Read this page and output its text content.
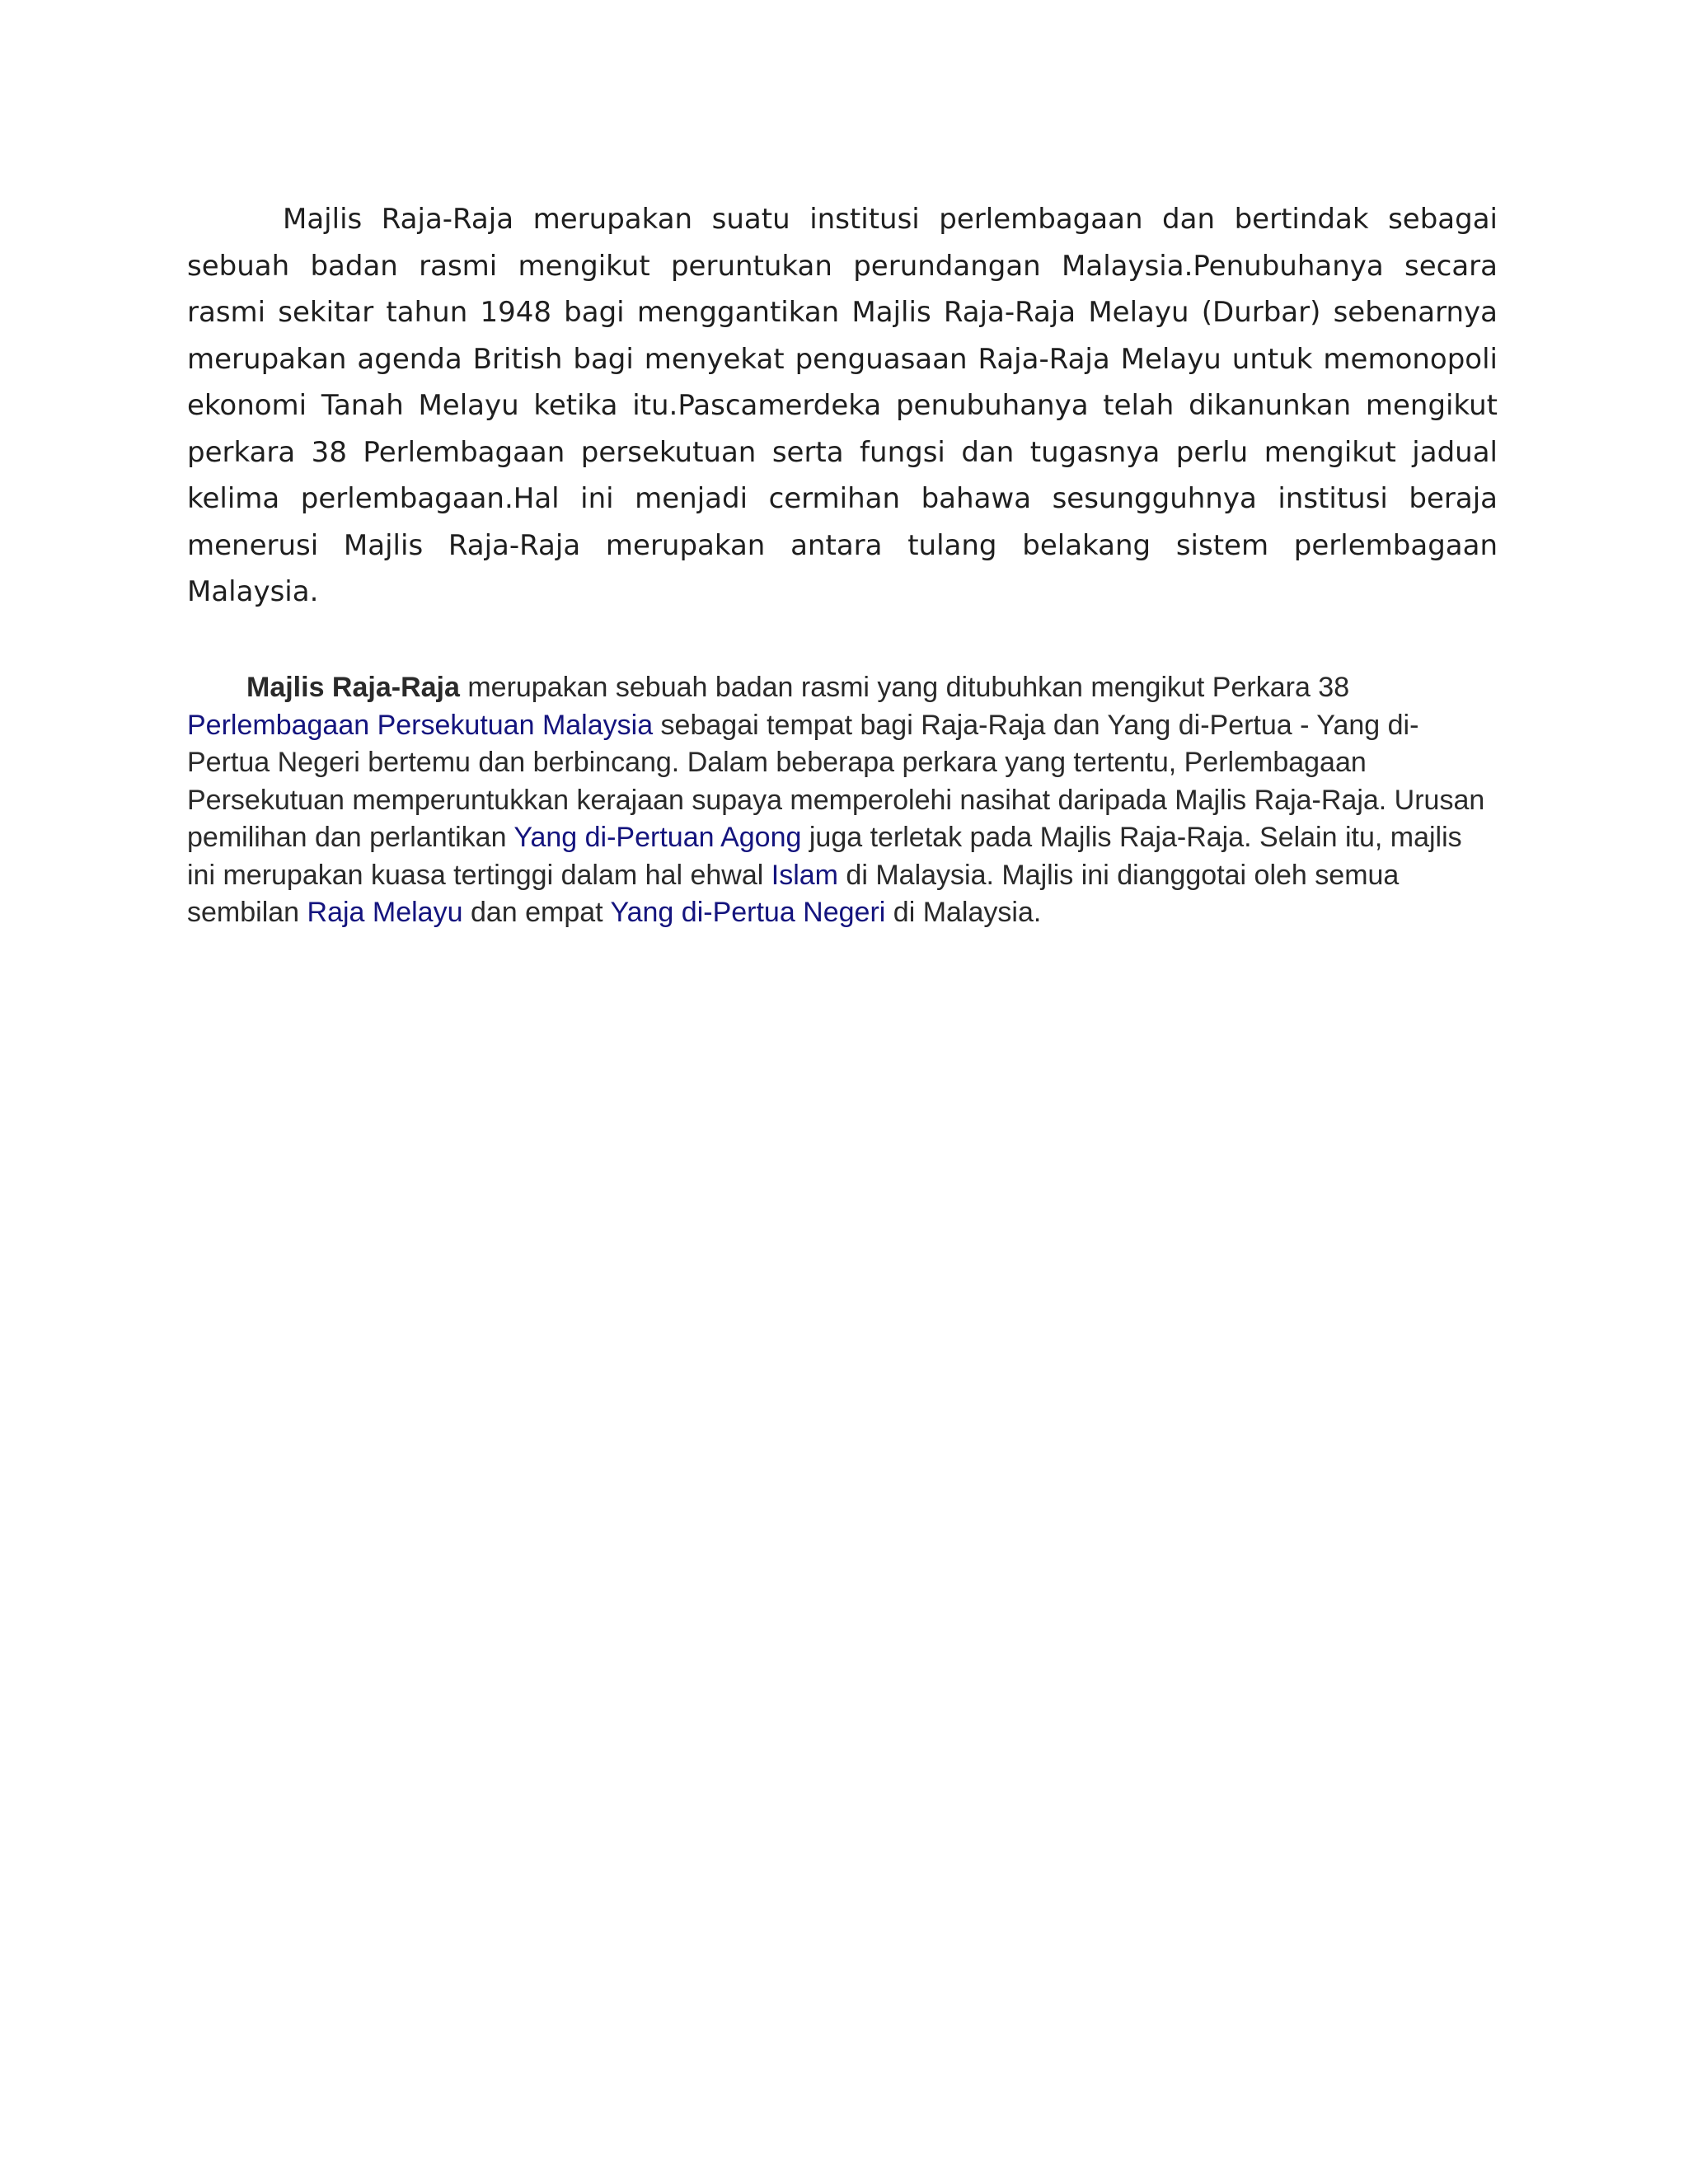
Majlis Raja-Raja merupakan suatu institusi perlembagaan dan bertindak sebagai sebuah badan rasmi mengikut peruntukan perundangan Malaysia.Penubuhanya secara rasmi sekitar tahun 1948 bagi menggantikan Majlis Raja-Raja Melayu (Durbar) sebenarnya merupakan agenda British bagi menyekat penguasaan Raja-Raja Melayu untuk memonopoli ekonomi Tanah Melayu ketika itu.Pascamerdeka penubuhanya telah dikanunkan mengikut perkara 38 Perlembagaan persekutuan serta fungsi dan tugasnya perlu mengikut jadual kelima perlembagaan.Hal ini menjadi cermihan bahawa sesungguhnya institusi beraja menerusi Majlis Raja-Raja merupakan antara tulang belakang sistem perlembagaan Malaysia.

Majlis Raja-Raja merupakan sebuah badan rasmi yang ditubuhkan mengikut Perkara 38 Perlembagaan Persekutuan Malaysia sebagai tempat bagi Raja-Raja dan Yang di-Pertua - Yang di-Pertua Negeri bertemu dan berbincang. Dalam beberapa perkara yang tertentu, Perlembagaan Persekutuan memperuntukkan kerajaan supaya memperolehi nasihat daripada Majlis Raja-Raja. Urusan pemilihan dan perlantikan Yang di-Pertuan Agong juga terletak pada Majlis Raja-Raja. Selain itu, majlis ini merupakan kuasa tertinggi dalam hal ehwal Islam di Malaysia. Majlis ini dianggotai oleh semua sembilan Raja Melayu dan empat Yang di-Pertua Negeri di Malaysia.
